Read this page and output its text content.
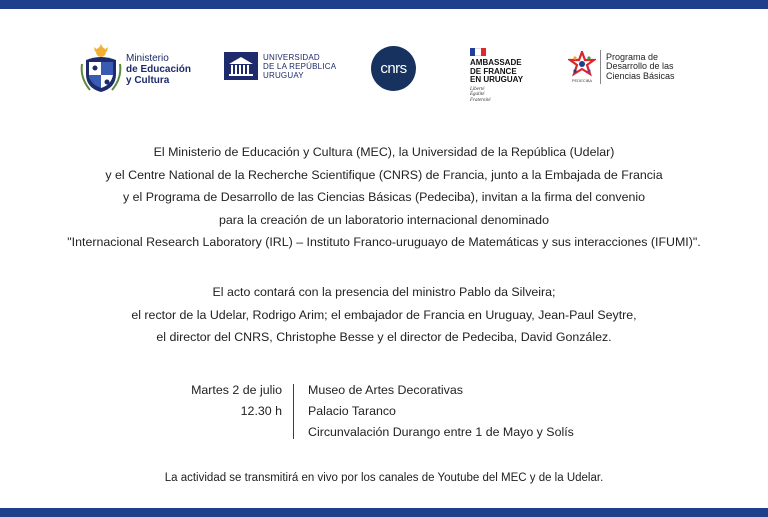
Ministerio
de Educación
y Cultura
UNIVERSIDAD
DE LA REPÚBLICA
URUGUAY	cnrs	AMBASSADE
DE FRANCE
EN URUGUAY
Liberté
Égalité
Fraternité
PEDECIBA
Programa de
Desarrollo de las
Ciencias Básicas
El Ministerio de Educación y Cultura (MEC), la Universidad de la República (Udelar)
y el Centre National de la Recherche Scientifique (CNRS) de Francia, junto a la Embajada de Francia
y el Programa de Desarrollo de las Ciencias Básicas (Pedeciba), invitan a la firma del convenio
para la creación de un laboratorio internacional denominado
"Internacional Research Laboratory (IRL) – Instituto Franco-uruguayo de Matemáticas y sus interacciones (IFUMI)".
El acto contará con la presencia del ministro Pablo da Silveira;
el rector de la Udelar, Rodrigo Arim; el embajador de Francia en Uruguay, Jean-Paul Seytre,
el director del CNRS, Christophe Besse y el director de Pedeciba, David González.
Martes 2 de julio
12.30 h
Museo de Artes Decorativas
Palacio Taranco
Circunvalación Durango entre 1 de Mayo y Solís
La actividad se transmitirá en vivo por los canales de Youtube del MEC y de la Udelar.
